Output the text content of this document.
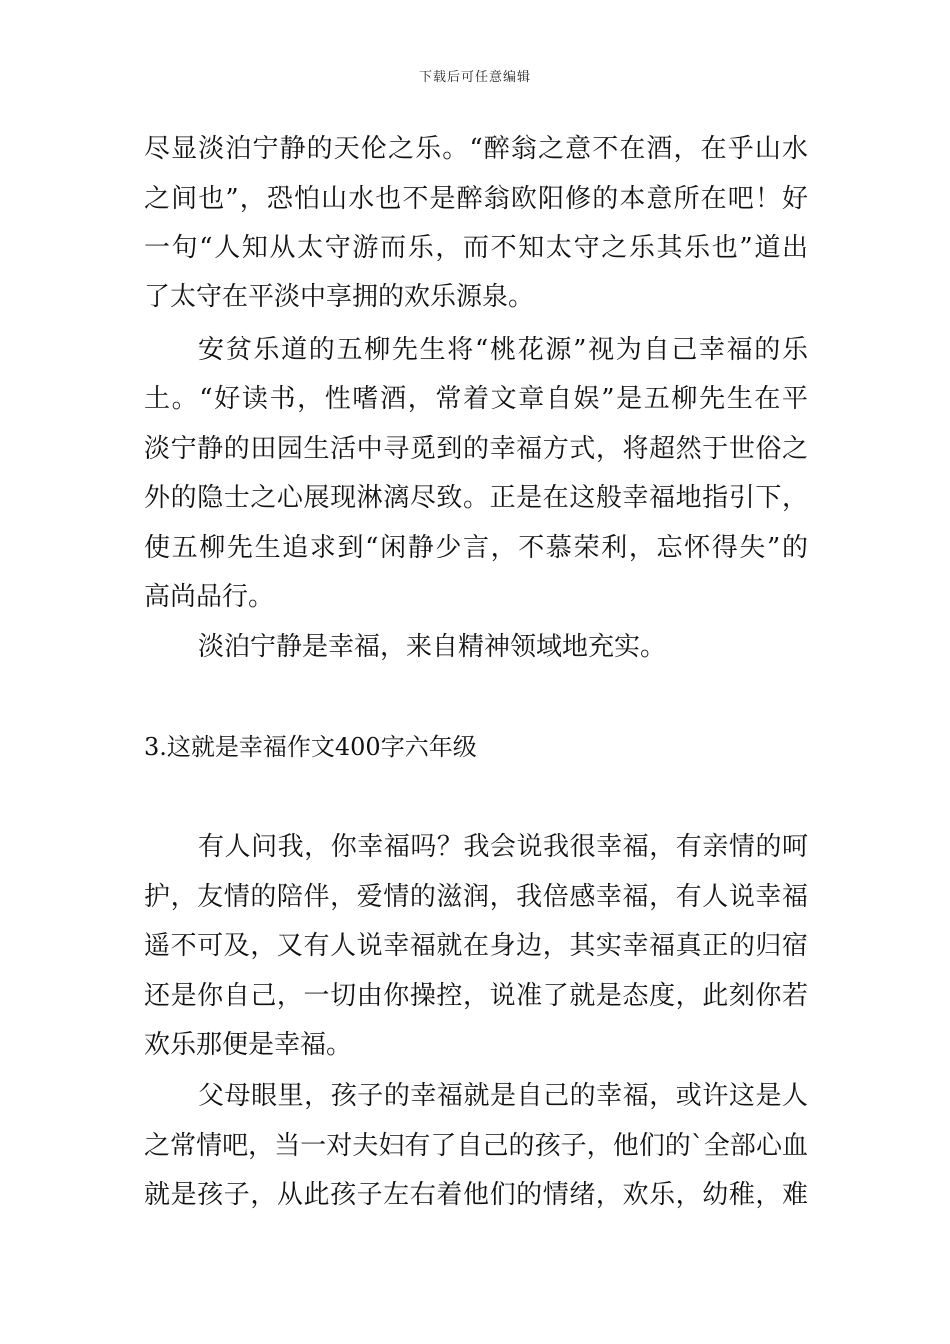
下载后可任意编辑
尽显淡泊宁静的天伦之乐。“醉翁之意不在酒，在乎山水
之间也”，恐怕山水也不是醉翁欧阳修的本意所在吧！好
一句“人知从太守游而乐，而不知太守之乐其乐也”道出
了太守在平淡中享拥的欢乐源泉。
安贫乐道的五柳先生将“桃花源”视为自己幸福的乐
土。“好读书，性嗜酒，常着文章自娱”是五柳先生在平
淡宁静的田园生活中寻觅到的幸福方式，将超然于世俗之
外的隐士之心展现淋漓尽致。正是在这般幸福地指引下，
使五柳先生追求到“闲静少言，不慕荣利，忘怀得失”的
高尚品行。
淡泊宁静是幸福，来自精神领域地充实。
3.这就是幸福作文400字六年级
有人问我，你幸福吗？我会说我很幸福，有亲情的呵
护，友情的陪伴，爱情的滋润，我倍感幸福，有人说幸福
遥不可及，又有人说幸福就在身边，其实幸福真正的归宿
还是你自己，一切由你操控，说准了就是态度，此刻你若
欢乐那便是幸福。
父母眼里，孩子的幸福就是自己的幸福，或许这是人
之常情吧，当一对夫妇有了自己的孩子，他们的`全部心血
就是孩子，从此孩子左右着他们的情绪，欢乐，幼稚，难
